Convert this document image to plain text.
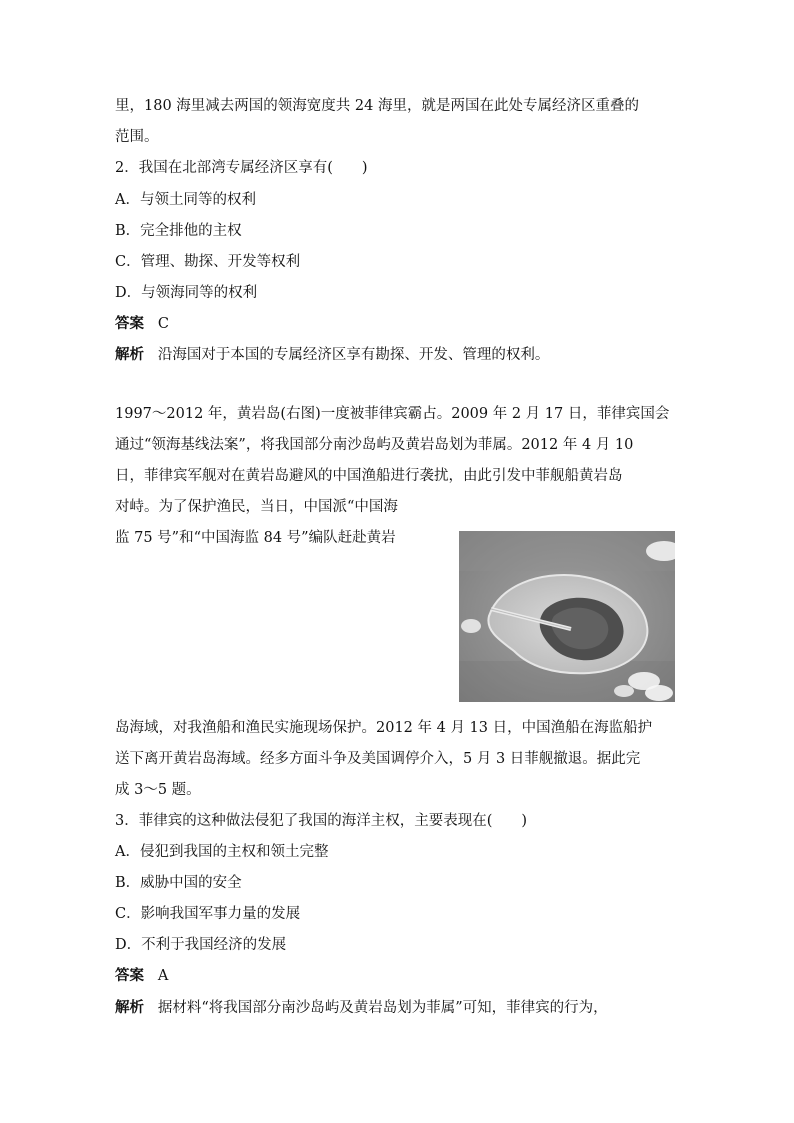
里，180 海里减去两国的领海宽度共 24 海里，就是两国在此处专属经济区重叠的
范围。
2．我国在北部湾专属经济区享有(　　)
A．与领土同等的权利
B．完全排他的主权
C．管理、勘探、开发等权利
D．与领海同等的权利
答案 C
解析 沿海国对于本国的专属经济区享有勘探、开发、管理的权利。
1997～2012 年，黄岩岛(右图)一度被菲律宾霸占。2009 年 2 月 17 日，菲律宾国会
通过“领海基线法案”，将我国部分南沙岛屿及黄岩岛划为菲属。2012 年 4 月 10
日，菲律宾军舰对在黄岩岛避风的中国渔船进行袭扰，由此引发中菲舰船黄岩岛
对峙。为了保护渔民，当日，中国派“中国海
监 75 号”和“中国海监 84 号”编队赶赴黄岩
岛海域，对我渔船和渔民实施现场保护。2012 年 4 月 13 日，中国渔船在海监船护
送下离开黄岩岛海域。经多方面斗争及美国调停介入，5 月 3 日菲舰撤退。据此完
成 3～5 题。
3．菲律宾的这种做法侵犯了我国的海洋主权，主要表现在(　　)
A．侵犯到我国的主权和领土完整
B．威胁中国的安全
C．影响我国军事力量的发展
D．不利于我国经济的发展
答案 A
解析 据材料“将我国部分南沙岛屿及黄岩岛划为菲属”可知，菲律宾的行为，
